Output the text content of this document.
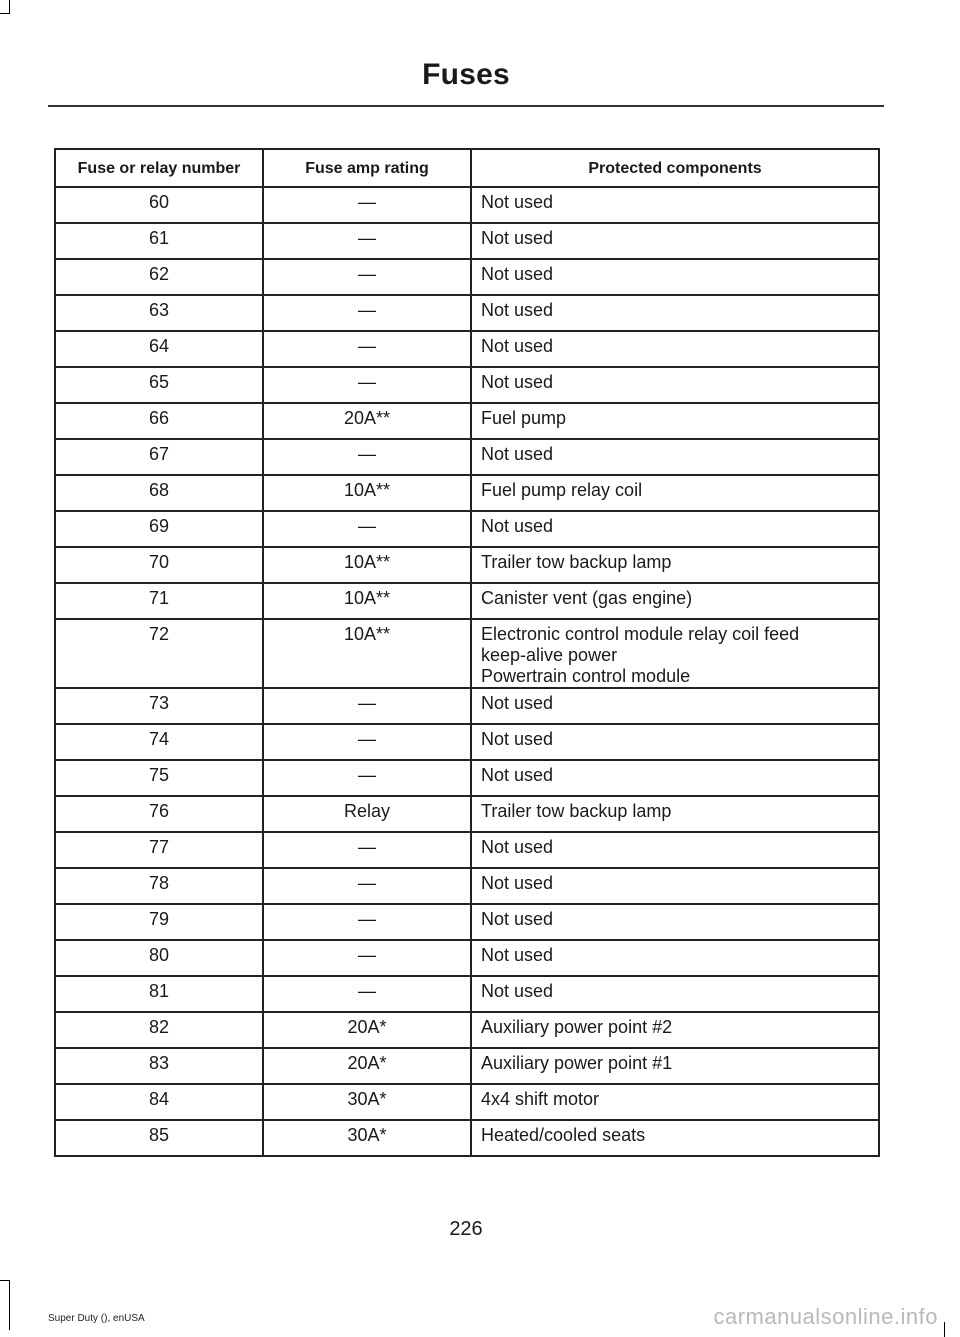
Fuses
Fuse or relay number	Fuse amp rating	Protected components
60	—	Not used

61	—	Not used

62	—	Not used

63	—	Not used

64	—	Not used

65	—	Not used

66	20A**	Fuel pump

67	—	Not used

68	10A**	Fuel pump relay coil

69	—	Not used

70	10A**	Trailer tow backup lamp

71	10A**	Canister vent (gas engine)

72	10A**	Electronic control module relay coil feed
keep-alive power
Powertrain control module

73	—	Not used

74	—	Not used

75	—	Not used

76	Relay	Trailer tow backup lamp

77	—	Not used

78	—	Not used

79	—	Not used

80	—	Not used

81	—	Not used

82	20A*	Auxiliary power point #2

83	20A*	Auxiliary power point #1

84	30A*	4x4 shift motor

85	30A*	Heated/cooled seats
226
Super Duty (), enUSA	carmanualsonline.info
